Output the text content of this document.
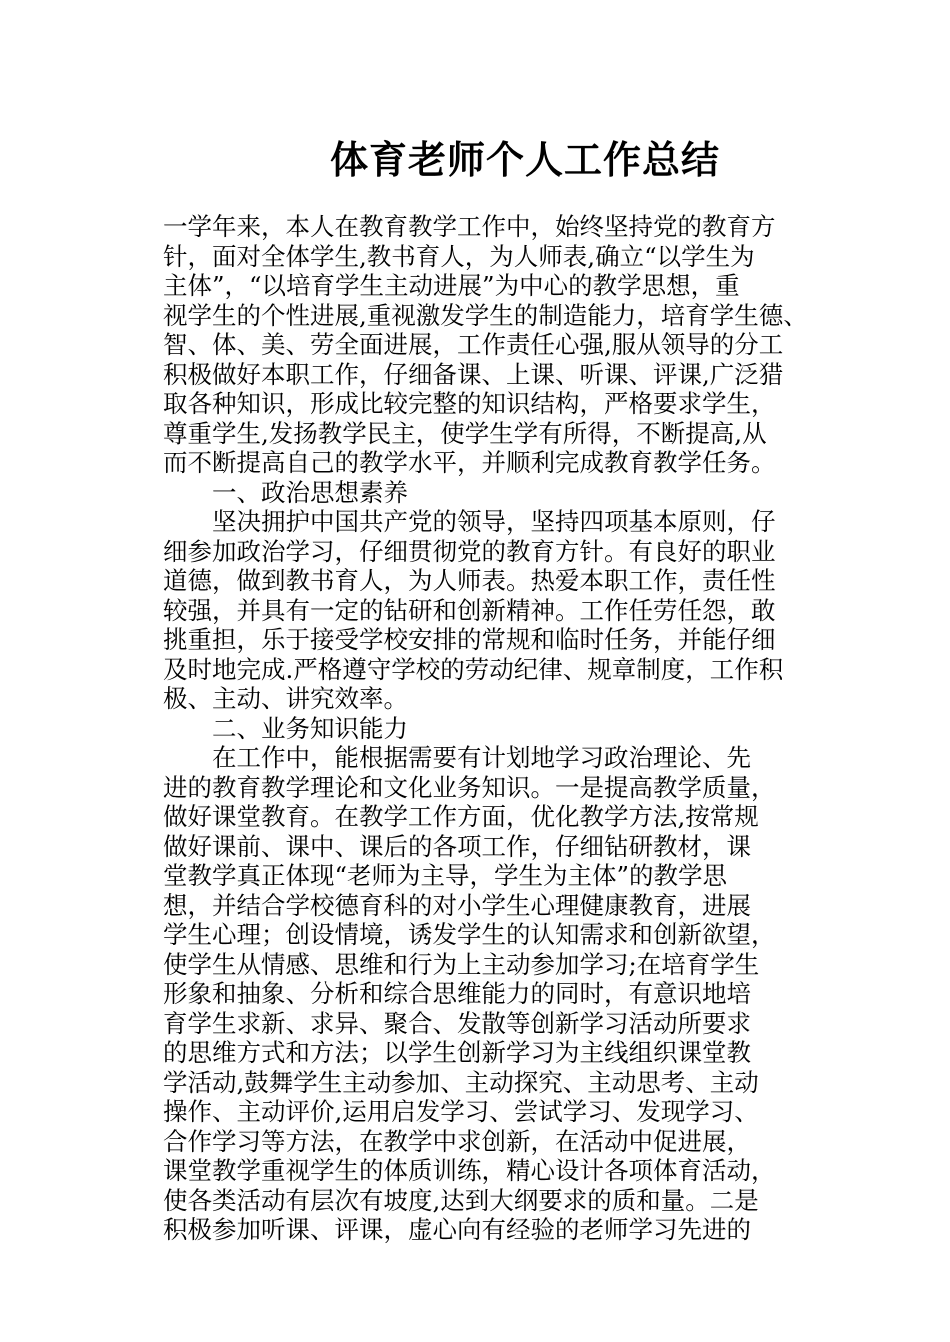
体育老师个人工作总结
一学年来，本人在教育教学工作中，始终坚持党的教育方
针，面对全体学生,教书育人，为人师表,确立“以学生为
主体”，“以培育学生主动进展”为中心的教学思想，重
视学生的个性进展,重视激发学生的制造能力，培育学生德、
智、体、美、劳全面进展，工作责任心强,服从领导的分工
积极做好本职工作，仔细备课、上课、听课、评课,广泛猎
取各种知识，形成比较完整的知识结构，严格要求学生，
尊重学生,发扬教学民主，使学生学有所得，不断提高,从
而不断提高自己的教学水平，并顺利完成教育教学任务。
一、政治思想素养
坚决拥护中国共产党的领导，坚持四项基本原则，仔
细参加政治学习，仔细贯彻党的教育方针。有良好的职业
道德，做到教书育人，为人师表。热爱本职工作，责任性
较强，并具有一定的钻研和创新精神。工作任劳任怨，敢
挑重担，乐于接受学校安排的常规和临时任务，并能仔细
及时地完成.严格遵守学校的劳动纪律、规章制度，工作积
极、主动、讲究效率。
二、业务知识能力
在工作中，能根据需要有计划地学习政治理论、先
进的教育教学理论和文化业务知识。一是提高教学质量，
做好课堂教育。在教学工作方面，优化教学方法,按常规
做好课前、课中、课后的各项工作，仔细钻研教材，课
堂教学真正体现“老师为主导，学生为主体”的教学思
想，并结合学校德育科的对小学生心理健康教育，进展
学生心理；创设情境，诱发学生的认知需求和创新欲望，
使学生从情感、思维和行为上主动参加学习;在培育学生
形象和抽象、分析和综合思维能力的同时，有意识地培
育学生求新、求异、聚合、发散等创新学习活动所要求
的思维方式和方法；以学生创新学习为主线组织课堂教
学活动,鼓舞学生主动参加、主动探究、主动思考、主动
操作、主动评价,运用启发学习、尝试学习、发现学习、
合作学习等方法，在教学中求创新，在活动中促进展，
课堂教学重视学生的体质训练，精心设计各项体育活动，
使各类活动有层次有坡度,达到大纲要求的质和量。二是
积极参加听课、评课，虚心向有经验的老师学习先进的
